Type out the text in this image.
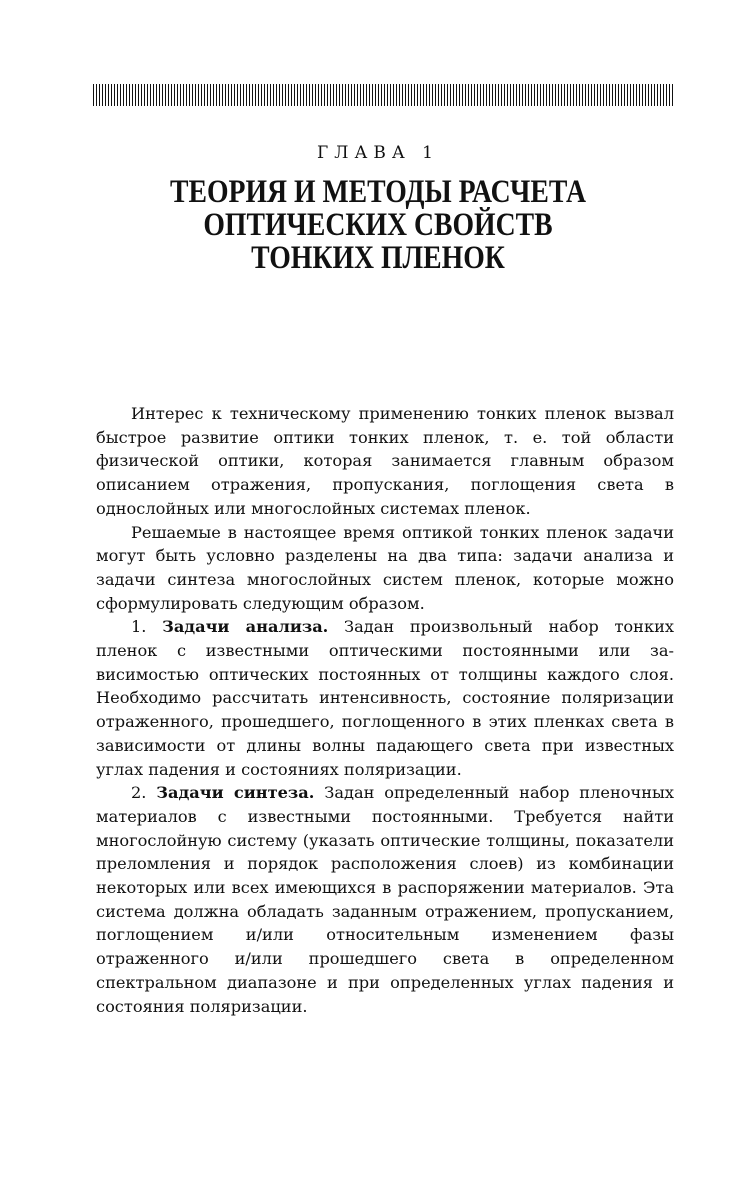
ГЛАВА 1
ТЕОРИЯ И МЕТОДЫ РАСЧЕТА
ОПТИЧЕСКИХ СВОЙСТВ
ТОНКИХ ПЛЕНОК

Интерес к техническому применению тонких пленок вызвал быстрое развитие оптики тонких пленок, т. е. той области физической оптики, которая занимается главным образом описанием отражения, пропускания, поглощения света в однослойных или многослойных системах пленок.

Решаемые в настоящее время оптикой тонких пленок задачи могут быть условно разделены на два типа: задачи анализа и задачи синтеза многослойных систем пленок, которые можно сформулировать следующим образом.

1. Задачи анализа. Задан произвольный набор тонких пленок с известными оптическими постоянными или зависимостью оптических постоянных от толщины каждого слоя. Необходимо рассчитать интенсивность, состояние поляризации отраженного, прошедшего, поглощенного в этих пленках света в зависимости от длины волны падающего света при известных углах падения и состояниях поляризации.

2. Задачи синтеза. Задан определенный набор пленочных материалов с известными постоянными. Требуется найти многослойную систему (указать оптические толщины, показатели преломления и порядок расположения слоев) из комбинации некоторых или всех имеющихся в распоряжении материалов. Эта система должна обладать заданным отражением, пропусканием, поглощением и/​или относительным изменением фазы отраженного и/или прошедшего света в определенном спектральном диапазоне и при определенных углах падения и состояния поляризации.
